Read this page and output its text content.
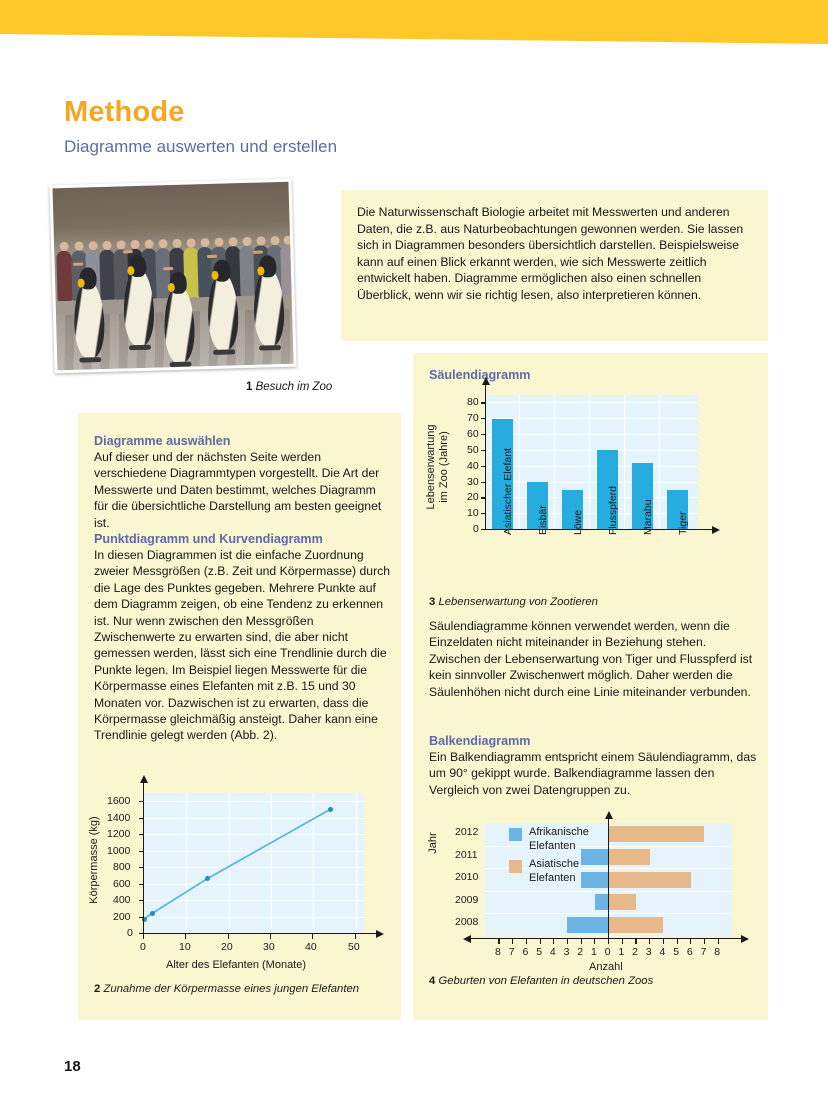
Methode
Diagramme auswerten und erstellen
1 Besuch im Zoo

Die Naturwissenschaft Biologie arbeitet mit Messwerten und anderen Daten, die z.B. aus Naturbeobachtungen gewonnen werden. Sie lassen sich in Diagrammen besonders übersichtlich darstellen. Beispielsweise kann auf einen Blick erkannt werden, wie sich Messwerte zeitlich entwickelt haben. Diagramme ermöglichen also einen schnellen Überblick, wenn wir sie richtig lesen, also interpretieren können.

Diagramme auswählen

Auf dieser und der nächsten Seite werden verschiedene Diagrammtypen vorgestellt. Die Art der Messwerte und Daten bestimmt, welches Diagramm für die übersichtliche Darstellung am besten geeignet ist.

Punktdiagramm und Kurvendiagramm

In diesen Diagrammen ist die einfache Zuordnung zweier Messgrößen (z.B. Zeit und Körpermasse) durch die Lage des Punktes gegeben. Mehrere Punkte auf dem Diagramm zeigen, ob eine Tendenz zu erkennen ist. Nur wenn zwischen den Messgrößen Zwischenwerte zu erwarten sind, die aber nicht gemessen werden, lässt sich eine Trendlinie durch die Punkte legen. Im Beispiel liegen Messwerte für die Körpermasse eines Elefanten mit z.B. 15 und 30 Monaten vor. Dazwischen ist zu erwarten, dass die Körpermasse gleichmäßig ansteigt. Daher kann eine Trendlinie gelegt werden (Abb. 2).

Körpermasse (kg)
0
200
400
600
800
1000
1200
1400
1600
0	10	20	30	40	50
Alter des Elefanten (Monate)
2 Zunahme der Körpermasse eines jungen Elefanten
Säulendiagramm
Lebenserwartung
im Zoo (Jahre)
0
10
20
30
40
50
60
70
80
Asiatischer Elefant Eisbär Löwe Flusspferd Marabu Tiger
3 Lebenserwartung von Zootieren

Säulendiagramme können verwendet werden, wenn die Einzeldaten nicht miteinander in Beziehung stehen. Zwischen der Lebenserwartung von Tiger und Flusspferd ist kein sinnvoller Zwischenwert möglich. Daher werden die Säulenhöhen nicht durch eine Linie miteinander verbunden.

Balkendiagramm

Ein Balkendiagramm entspricht einem Säulendiagramm, das um 90° gekippt wurde. Balkendiagramme lassen den Vergleich von zwei Datengruppen zu.

Jahr
Afrikanische
Elefanten
Asiatische
Elefanten
8 7 6 5 4 3 2 1 0 1 2 3 4 5 6 7 8
Anzahl
2012
2011
2010
2009
2008
4 Geburten von Elefanten in deutschen Zoos
18
